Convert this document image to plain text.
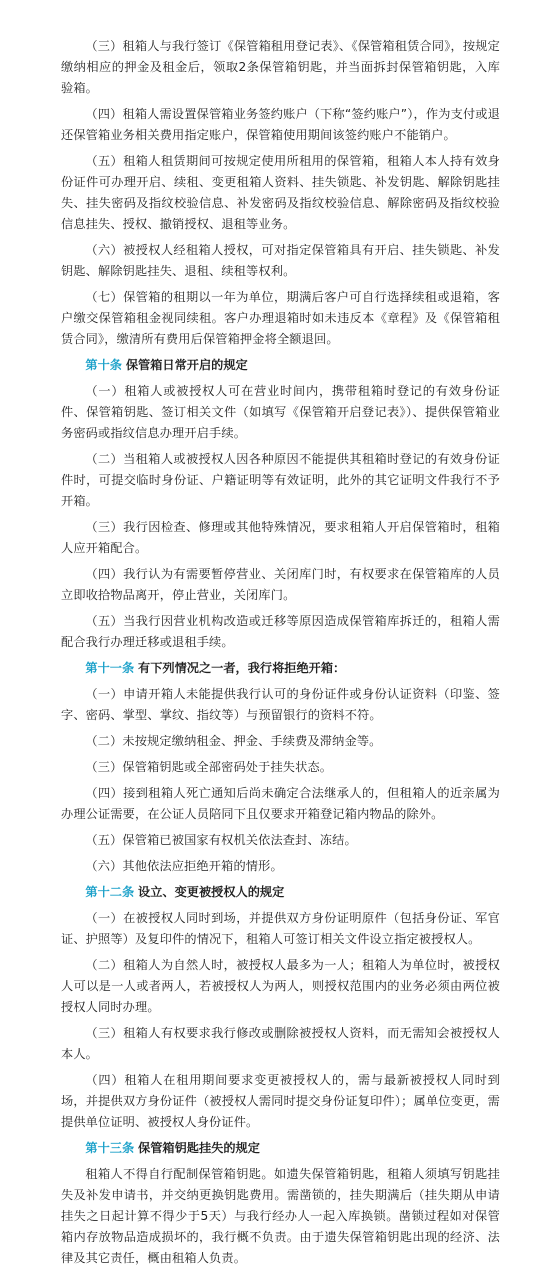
（三）租箱人与我行签订《保管箱租用登记表》、《保管箱租赁合同》，按规定缴纳相应的押金及租金后，领取2条保管箱钥匙，并当面拆封保管箱钥匙，入库验箱。

（四）租箱人需设置保管箱业务签约账户（下称“签约账户”），作为支付或退还保管箱业务相关费用指定账户，保管箱使用期间该签约账户不能销户。

（五）租箱人租赁期间可按规定使用所租用的保管箱，租箱人本人持有效身份证件可办理开启、续租、变更租箱人资料、挂失锁匙、补发钥匙、解除钥匙挂失、挂失密码及指纹校验信息、补发密码及指纹校验信息、解除密码及指纹校验信息挂失、授权、撤销授权、退租等业务。

（六）被授权人经租箱人授权，可对指定保管箱具有开启、挂失锁匙、补发钥匙、解除钥匙挂失、退租、续租等权利。

（七）保管箱的租期以一年为单位，期满后客户可自行选择续租或退箱，客户缴交保管箱租金视同续租。客户办理退箱时如未违反本《章程》及《保管箱租赁合同》，缴清所有费用后保管箱押金将全额退回。

第十条 保管箱日常开启的规定

（一）租箱人或被授权人可在营业时间内，携带租箱时登记的有效身份证件、保管箱钥匙、签订相关文件（如填写《保管箱开启登记表》）、提供保管箱业务密码或指纹信息办理开启手续。

（二）当租箱人或被授权人因各种原因不能提供其租箱时登记的有效身份证件时，可提交临时身份证、户籍证明等有效证明，此外的其它证明文件我行不予开箱。

（三）我行因检查、修理或其他特殊情况，要求租箱人开启保管箱时，租箱人应开箱配合。

（四）我行认为有需要暂停营业、关闭库门时，有权要求在保管箱库的人员立即收拾物品离开，停止营业，关闭库门。

（五）当我行因营业机构改造或迁移等原因造成保管箱库拆迁的，租箱人需配合我行办理迁移或退租手续。

第十一条 有下列情况之一者，我行将拒绝开箱：

（一）申请开箱人未能提供我行认可的身份证件或身份认证资料（印鉴、签字、密码、掌型、掌纹、指纹等）与预留银行的资料不符。

（二）未按规定缴纳租金、押金、手续费及滞纳金等。

（三）保管箱钥匙或全部密码处于挂失状态。

（四）接到租箱人死亡通知后尚未确定合法继承人的，但租箱人的近亲属为办理公证需要，在公证人员陪同下且仅要求开箱登记箱内物品的除外。

（五）保管箱已被国家有权机关依法查封、冻结。

（六）其他依法应拒绝开箱的情形。

第十二条 设立、变更被授权人的规定

（一）在被授权人同时到场，并提供双方身份证明原件（包括身份证、军官证、护照等）及复印件的情况下，租箱人可签订相关文件设立指定被授权人。

（二）租箱人为自然人时，被授权人最多为一人；租箱人为单位时，被授权人可以是一人或者两人，若被授权人为两人，则授权范围内的业务必须由两位被授权人同时办理。

（三）租箱人有权要求我行修改或删除被授权人资料，而无需知会被授权人本人。

（四）租箱人在租用期间要求变更被授权人的，需与最新被授权人同时到场，并提供双方身份证件（被授权人需同时提交身份证复印件）；属单位变更，需提供单位证明、被授权人身份证件。

第十三条 保管箱钥匙挂失的规定

租箱人不得自行配制保管箱钥匙。如遗失保管箱钥匙，租箱人须填写钥匙挂失及补发申请书，并交纳更换钥匙费用。需凿锁的，挂失期满后（挂失期从申请挂失之日起计算不得少于5天）与我行经办人一起入库换锁。凿锁过程如对保管箱内存放物品造成损坏的，我行概不负责。由于遗失保管箱钥匙出现的经济、法律及其它责任，概由租箱人负责。
